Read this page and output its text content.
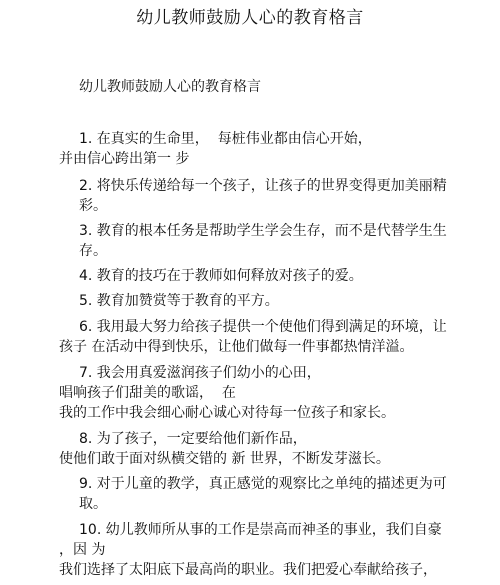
幼儿教师鼓励人心的教育格言
幼儿教师鼓励人心的教育格言
1. 在真实的生命里，  每桩伟业都由信心开始，
并由信心跨出第一 步
2. 将快乐传递给每一个孩子，让孩子的世界变得更加美丽精
彩。
3. 教育的根本任务是帮助学生学会生存，而不是代替学生生
存。
4. 教育的技巧在于教师如何释放对孩子的爱。
5. 教育加赞赏等于教育的平方。
6. 我用最大努力给孩子提供一个使他们得到满足的环境，让
孩子 在活动中得到快乐，让他们做每一件事都热情洋溢。
7. 我会用真爱滋润孩子们幼小的心田，
唱响孩子们甜美的歌谣，  在
我的工作中我会细心耐心诚心对待每一位孩子和家长。
8. 为了孩子，一定要给他们新作品，
使他们敢于面对纵横交错的 新 世界，不断发芽滋长。
9. 对于儿童的教学，真正感觉的观察比之单纯的描述更为可
取。
10. 幼儿教师所从事的工作是崇高而神圣的事业，我们自豪
，因 为
我们选择了太阳底下最高尚的职业。我们把爱心奉献给孩子，
